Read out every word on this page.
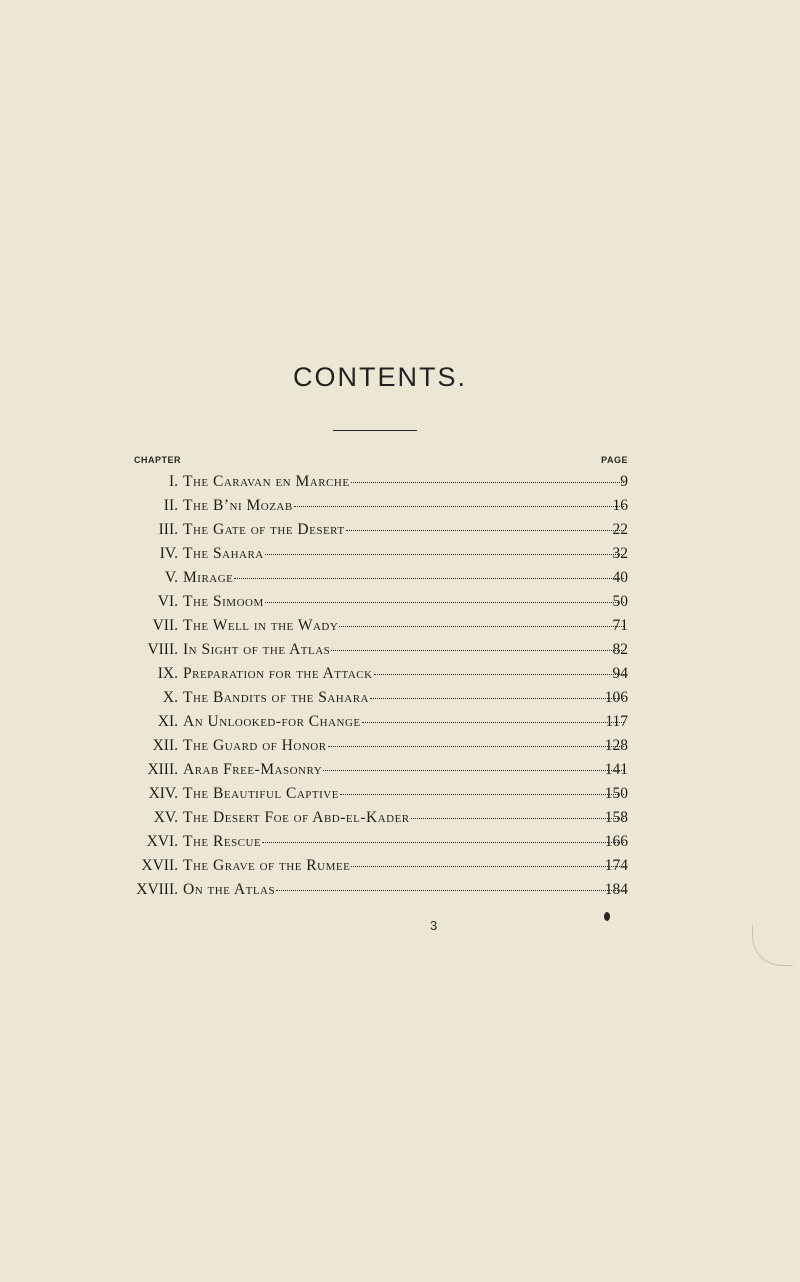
CONTENTS.
CHAPTER	PAGE
I. The Caravan en Marche	9
II. The B’ni Mozab	16
III. The Gate of the Desert	22
IV. The Sahara	32
V. Mirage	40
VI. The Simoom	50
VII. The Well in the Wady	71
VIII. In Sight of the Atlas	82
IX. Preparation for the Attack	94
X. The Bandits of the Sahara	106
XI. An Unlooked-for Change	117
XII. The Guard of Honor	128
XIII. Arab Free-Masonry	141
XIV. The Beautiful Captive	150
XV. The Desert Foe of Abd-el-Kader	158
XVI. The Rescue	166
XVII. The Grave of the Rumee	174
XVIII. On the Atlas	184
3
